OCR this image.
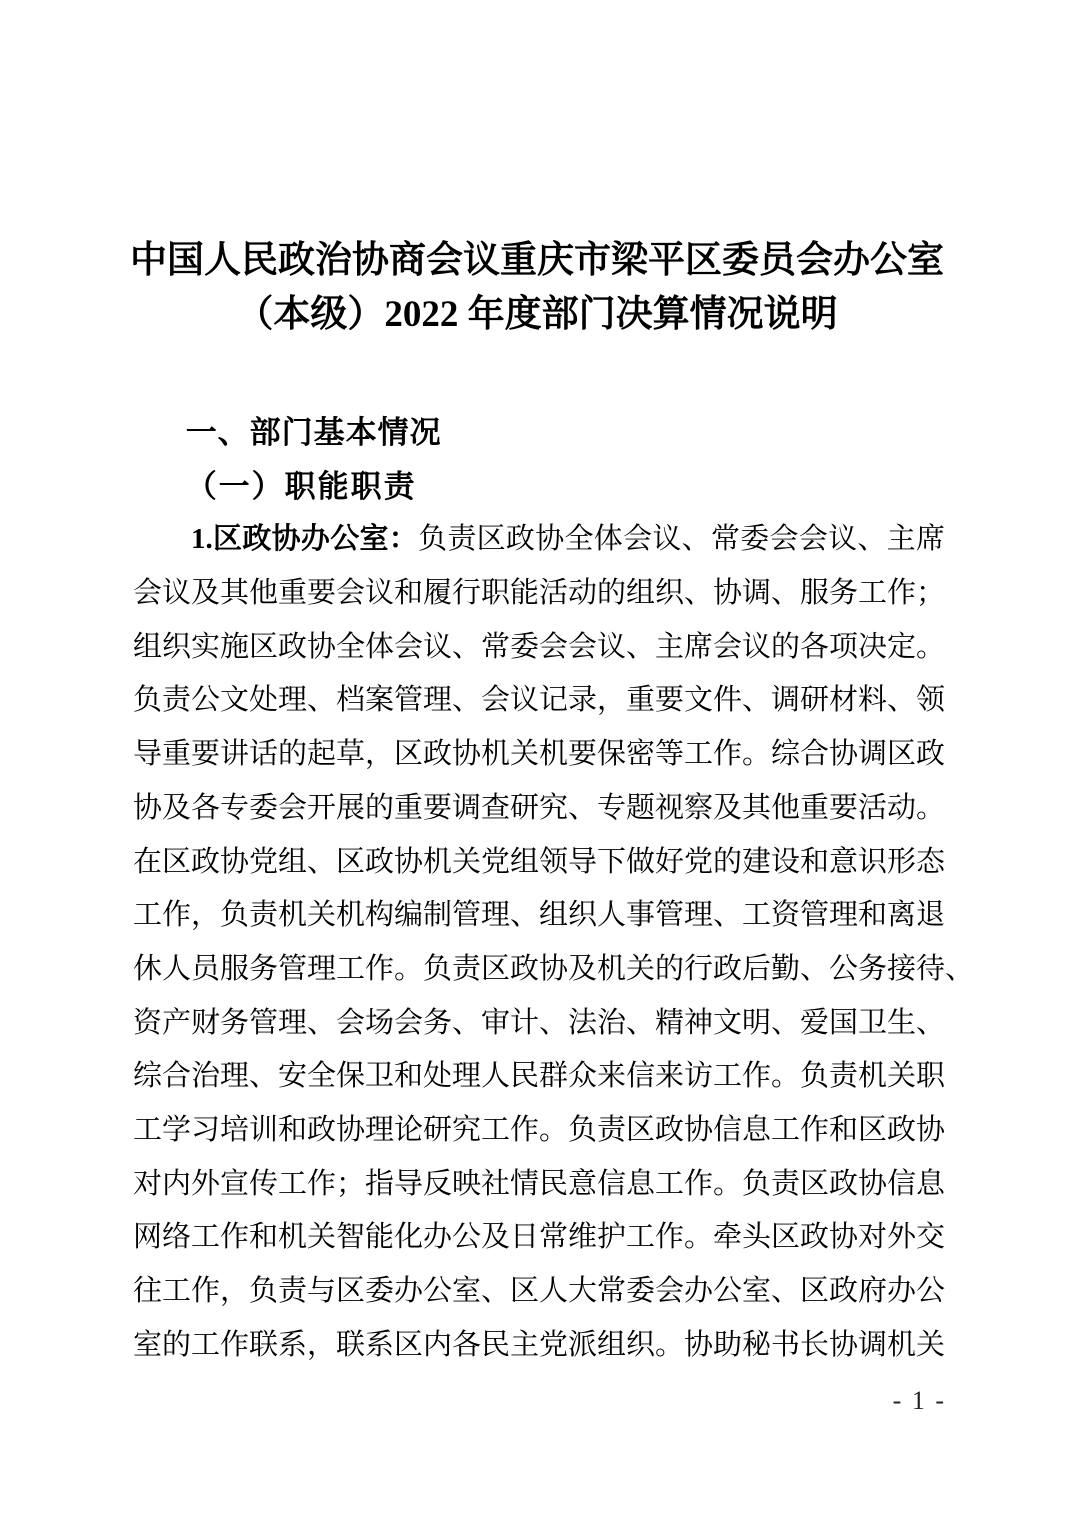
中国人民政治协商会议重庆市梁平区委员会办公室
（本级）2022 年度部门决算情况说明
一、部门基本情况
（一）职能职责
1.区政协办公室：负责区政协全体会议、常委会会议、主席
会议及其他重要会议和履行职能活动的组织、协调、服务工作；
组织实施区政协全体会议、常委会会议、主席会议的各项决定。
负责公文处理、档案管理、会议记录，重要文件、调研材料、领
导重要讲话的起草，区政协机关机要保密等工作。综合协调区政
协及各专委会开展的重要调查研究、专题视察及其他重要活动。
在区政协党组、区政协机关党组领导下做好党的建设和意识形态
工作，负责机关机构编制管理、组织人事管理、工资管理和离退
休人员服务管理工作。负责区政协及机关的行政后勤、公务接待、
资产财务管理、会场会务、审计、法治、精神文明、爱国卫生、
综合治理、安全保卫和处理人民群众来信来访工作。负责机关职
工学习培训和政协理论研究工作。负责区政协信息工作和区政协
对内外宣传工作；指导反映社情民意信息工作。负责区政协信息
网络工作和机关智能化办公及日常维护工作。牵头区政协对外交
往工作，负责与区委办公室、区人大常委会办公室、区政府办公
室的工作联系，联系区内各民主党派组织。协助秘书长协调机关
- 1 -
